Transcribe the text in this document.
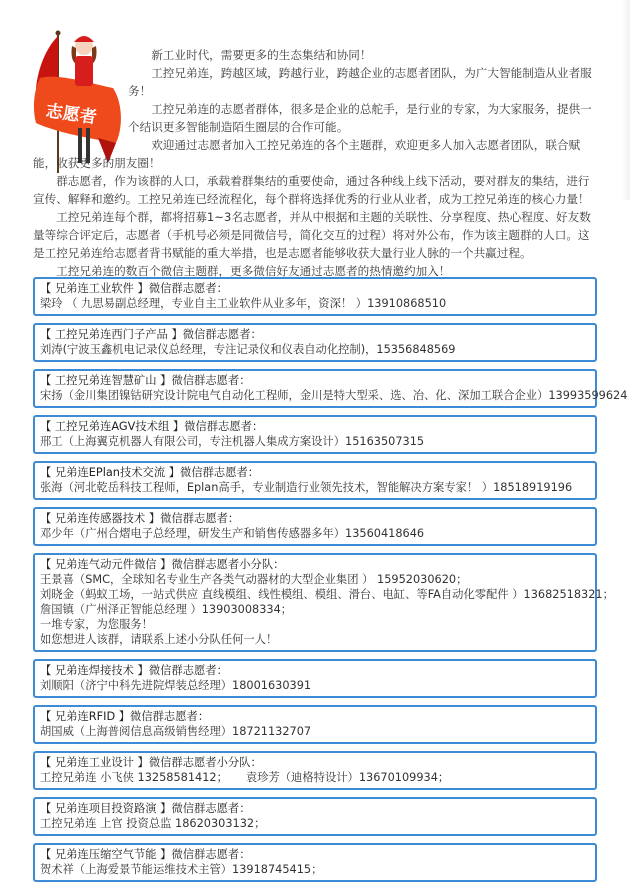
志愿者

新工业时代，需要更多的生态集结和协同！

工控兄弟连，跨越区域，跨越行业，跨越企业的志愿者团队，为广大智能制造从业者服务！

工控兄弟连的志愿者群体，很多是企业的总舵手，是行业的专家，为大家服务，提供一个结识更多智能制造陌生圈层的合作可能。

欢迎通过志愿者加入工控兄弟连的各个主题群，欢迎更多人加入志愿者团队，联合赋能，收获更多的朋友圈！

群志愿者，作为该群的人口，承载着群集结的重要使命，通过各种线上线下活动，要对群友的集结，进行宣传、解释和邀约。工控兄弟连已经流程化，每个群将选择优秀的行业从业者，成为工控兄弟连的核心力量！

工控兄弟连每个群，都将招募1~3名志愿者，并从中根据和主题的关联性、分享程度、热心程度、好友数量等综合评定后，志愿者（手机号必须是同微信号，简化交互的过程）将对外公布，作为该主题群的人口。这是工控兄弟连给志愿者背书赋能的重大举措，也是志愿者能够收获大量行业人脉的一个共赢过程。

工控兄弟连的数百个微信主题群，更多微信好友通过志愿者的热情邀约加入！

【 兄弟连工业软件 】微信群志愿者：
梁玲 （ 九思易副总经理，专业自主工业软件从业多年，资深！ ）13910868510
【 工控兄弟连西门子产品 】微信群志愿者：
刘涛(宁波玉鑫机电记录仪总经理，专注记录仪和仪表自动化控制)，15356848569
【 工控兄弟连智慧矿山 】微信群志愿者：
宋扬（金川集团镍钴研究设计院电气自动化工程师，金川是特大型采、选、冶、化、深加工联合企业）13993599624
【 工控兄弟连AGV技术组 】微信群志愿者：
邢工（上海翼克机器人有限公司，专注机器人集成方案设计）15163507315
【 兄弟连EPlan技术交流 】微信群志愿者：
张海（河北乾岳科技工程师，Eplan高手，专业制造行业领先技术，智能解决方案专家！ ）18518919196
【 兄弟连传感器技术 】微信群志愿者：
邓少年（广州合熠电子总经理，研发生产和销售传感器多年）13560418646
【 兄弟连气动元件微信 】微信群志愿者小分队：
王景喜（SMC，全球知名专业生产各类气动器材的大型企业集团 ） 15952030620；
刘晓金（蚂蚁工场，一站式供应 直线模组、线性模组、模组、滑台、电缸、等FA自动化零配件 ）13682518321；
詹国镇（广州泽正智能总经理 ）13903008334；
一堆专家，为您服务！
如您想进人该群，请联系上述小分队任何一人！
【 兄弟连焊接技术 】微信群志愿者：
刘顺阳（济宁中科先进院焊装总经理）18001630391
【 兄弟连RFID 】微信群志愿者：
胡国威（上海普阅信息高级销售经理）18721132707
【 兄弟连工业设计 】微信群志愿者小分队：
工控兄弟连 小飞侠 13258581412；     袁珍芳（迪格特设计）13670109934；
【 兄弟连项目投资路演 】微信群志愿者：
工控兄弟连 上官 投资总监 18620303132；
【 兄弟连压缩空气节能 】微信群志愿者：
贺术祥（上海爱景节能运维技术主管）13918745415；
